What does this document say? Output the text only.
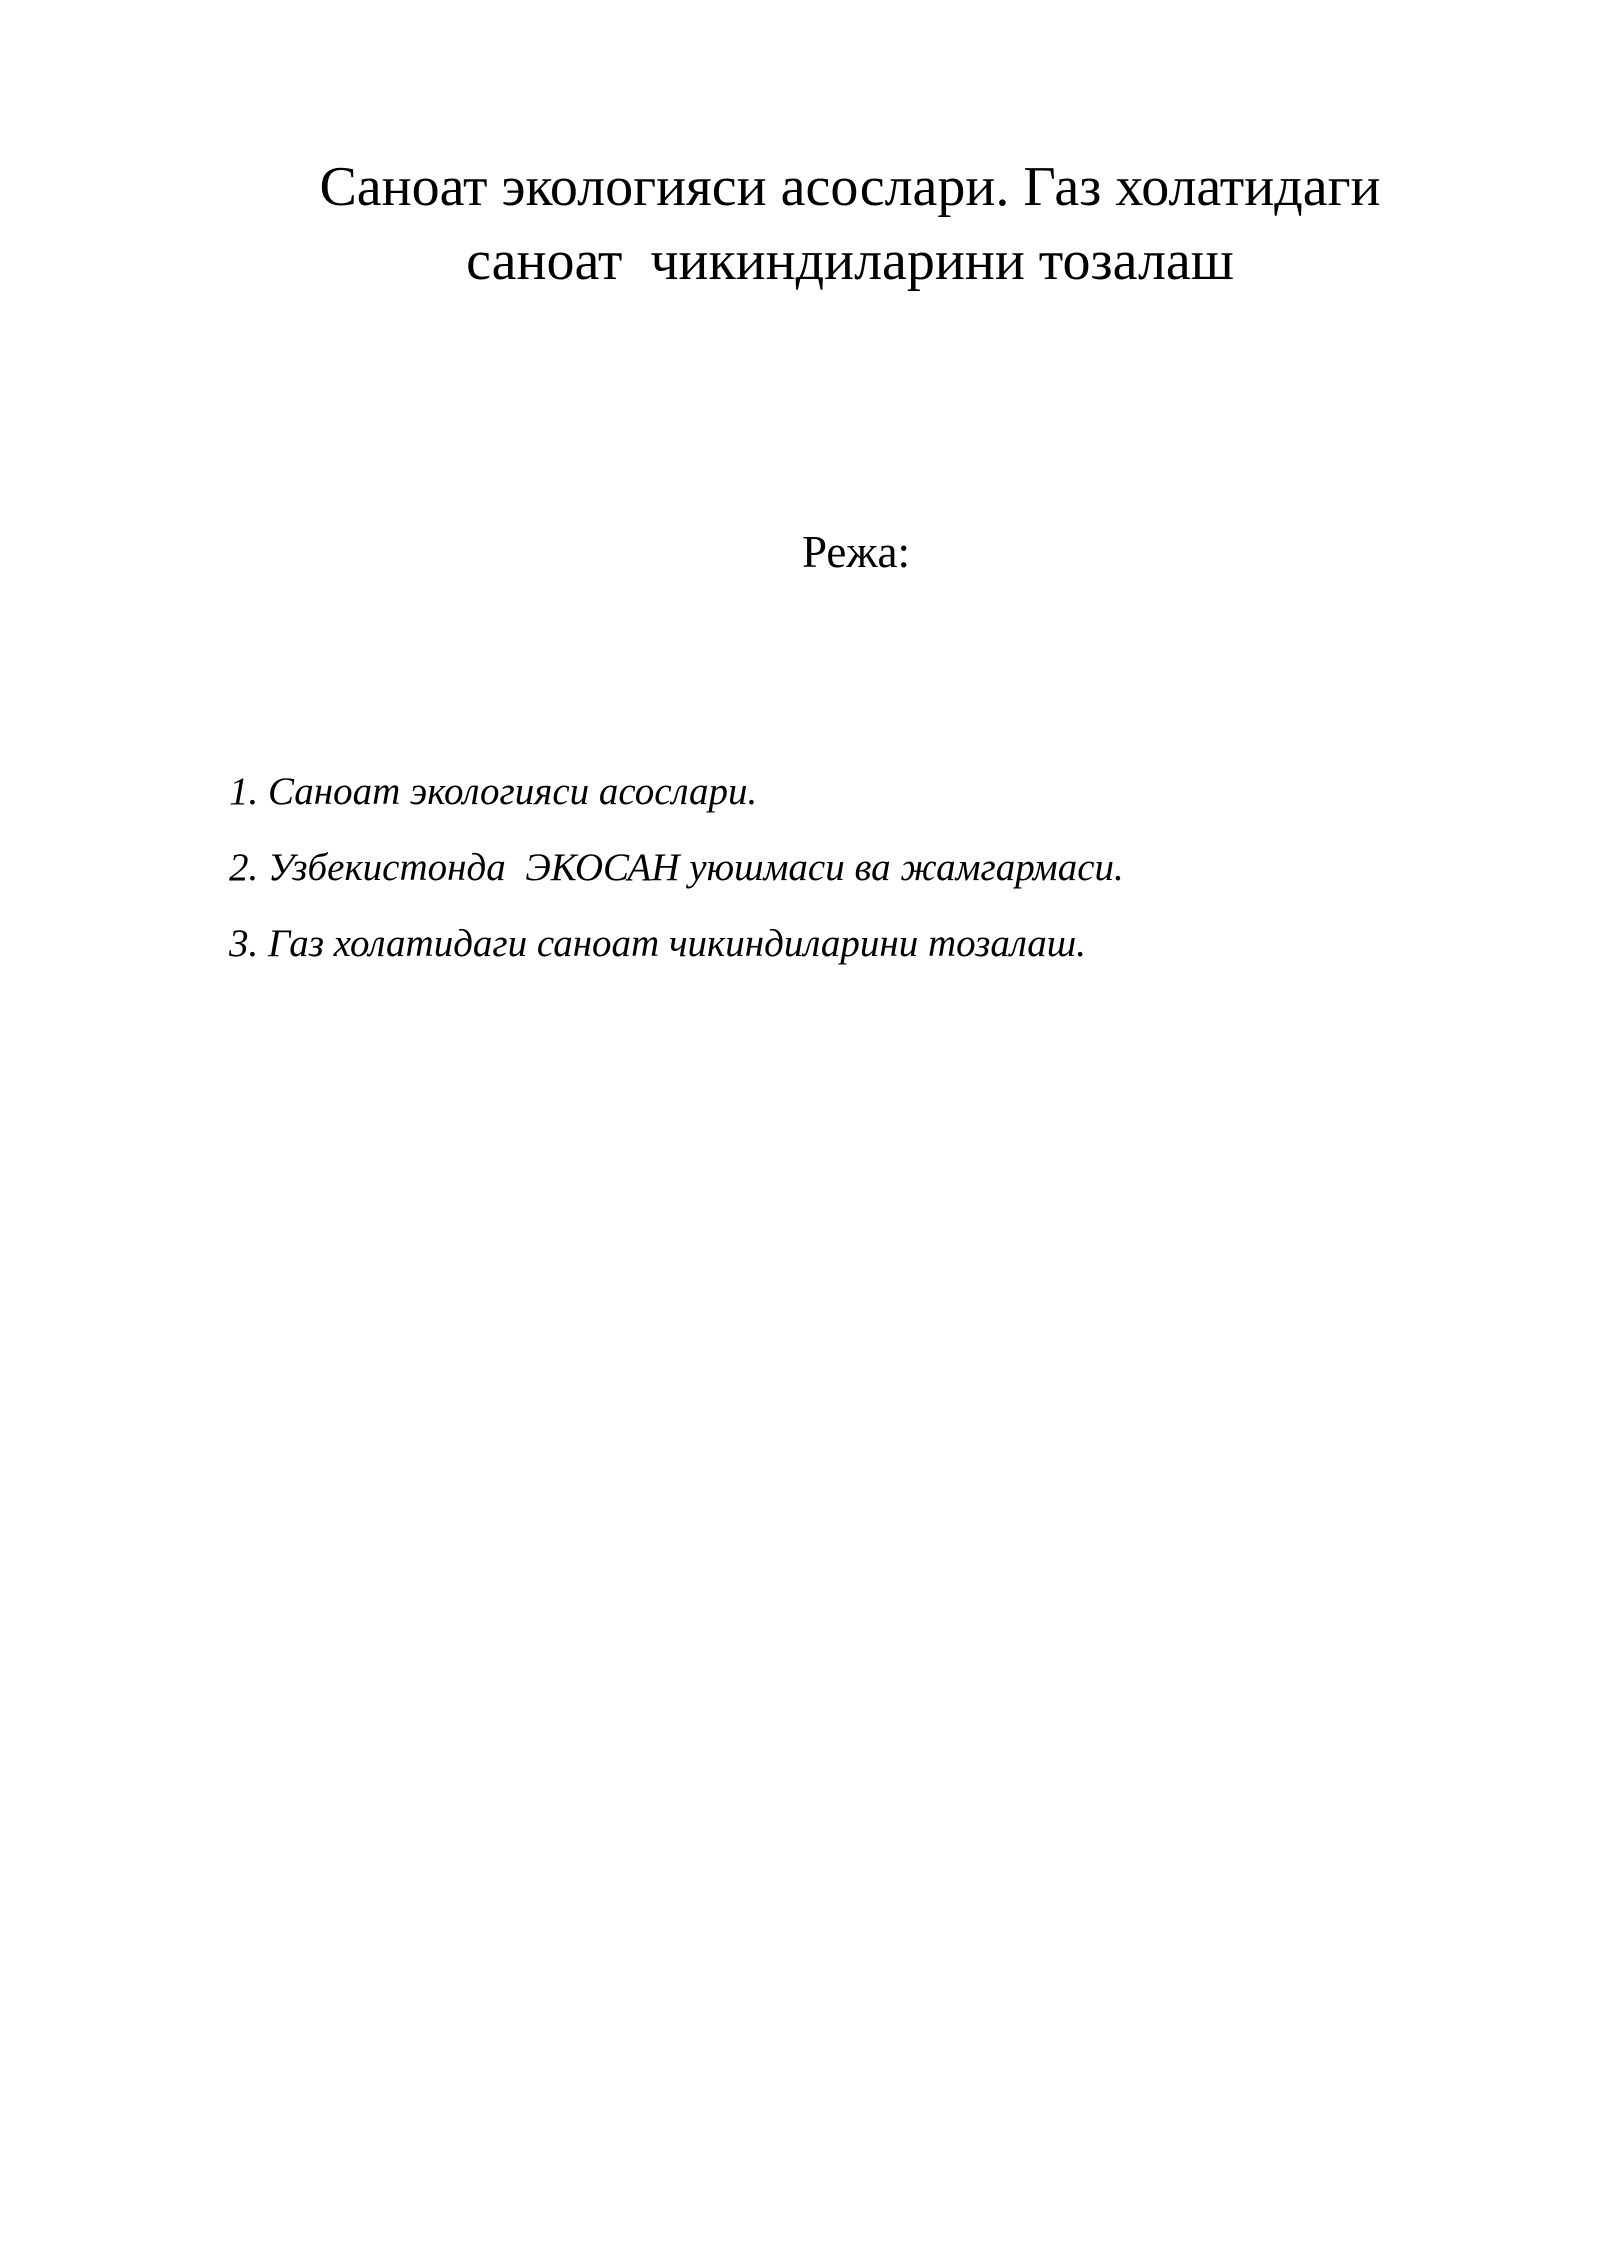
Саноат экологияси асослари. Газ холатидаги
саноат  чикиндиларини тозалаш

Режа:

1. Саноат экологияси асослари.
2. Узбекистонда  ЭКОСАН уюшмаси ва жамгармаси.
3. Газ холатидаги саноат чикиндиларини тозалаш.
